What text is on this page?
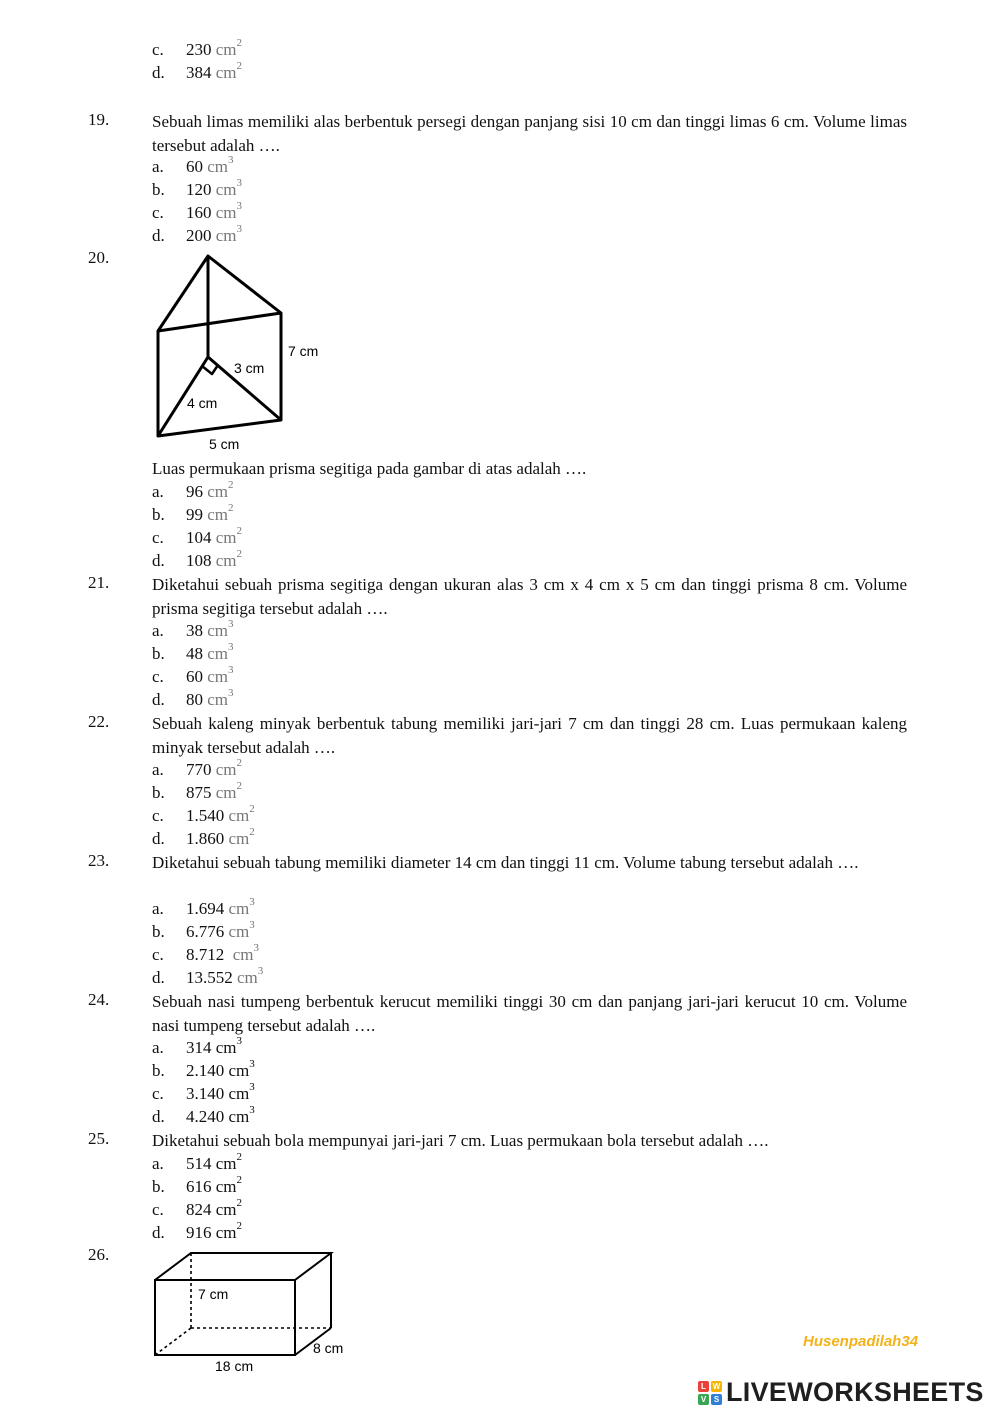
c. 230 $cm^2$
d. 384 $cm^2$
19.	Sebuah limas memiliki alas berbentuk persegi dengan panjang sisi 10 cm dan tinggi limas 6 cm. Volume limas tersebut adalah ….
a. 60 $cm^3$
b. 120 $cm^3$
c. 160 $cm^3$
d. 200 $cm^3$
20.
7 cm
3 cm
4 cm
5 cm
Luas permukaan prisma segitiga pada gambar di atas adalah ….
a. 96 $cm^2$
b. 99 $cm^2$
c. 104 $cm^2$
d. 108 $cm^2$
21.	Diketahui sebuah prisma segitiga dengan ukuran alas 3 cm x 4 cm x 5 cm dan tinggi prisma 8 cm. Volume prisma segitiga tersebut adalah ….
a. 38 $cm^3$
b. 48 $cm^3$
c. 60 $cm^3$
d. 80 $cm^3$
22.	Sebuah kaleng minyak berbentuk tabung memiliki jari-jari 7 cm dan tinggi 28 cm. Luas permukaan kaleng minyak tersebut adalah ….
a. 770 $cm^2$
b. 875 $cm^2$
c. 1.540 $cm^2$
d. 1.860 $cm^2$
23.	Diketahui sebuah tabung memiliki diameter 14 cm dan tinggi 11 cm. Volume tabung tersebut adalah ….
a. 1.694 $cm^3$
b. 6.776 $cm^3$
c. 8.712  $cm^3$
d. 13.552 $cm^3$
24.	Sebuah nasi tumpeng berbentuk kerucut memiliki tinggi 30 cm dan panjang jari-jari kerucut 10 cm. Volume nasi tumpeng tersebut adalah ….
a. 314 $cm^3$
b. 2.140 $cm^3$
c. 3.140 $cm^3$
d. 4.240 $cm^3$
25.	Diketahui sebuah bola mempunyai jari-jari 7 cm. Luas permukaan bola tersebut adalah ….
a. 514 $cm^2$
b. 616 $cm^2$
c. 824 $cm^2$
d. 916 $cm^2$
26.
7 cm
8 cm
18 cm
Husenpadilah34
L W
V S LIVEWORKSHEETS
